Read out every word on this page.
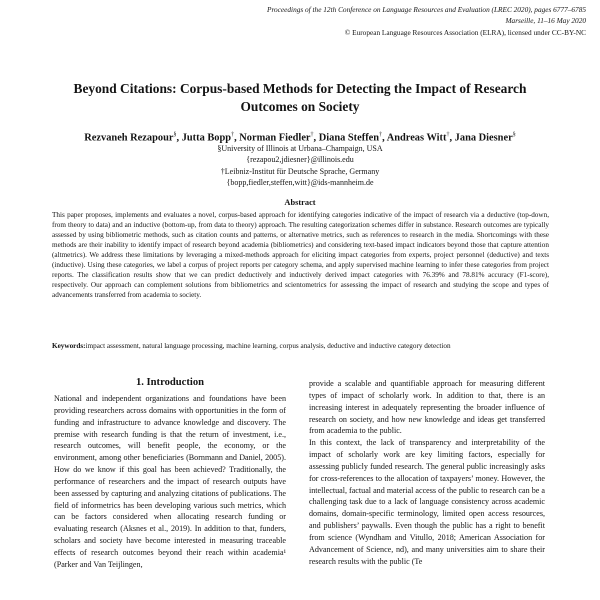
Proceedings of the 12th Conference on Language Resources and Evaluation (LREC 2020), pages 6777–6785
Marseille, 11–16 May 2020
© European Language Resources Association (ELRA), licensed under CC-BY-NC
Beyond Citations: Corpus-based Methods for Detecting the Impact of Research
Outcomes on Society
Rezvaneh Rezapour§, Jutta Bopp†, Norman Fiedler†, Diana Steffen†, Andreas Witt†, Jana Diesner§
§University of Illinois at Urbana–Champaign, USA
{rezapou2,jdiesner}@illinois.edu
†Leibniz-Institut für Deutsche Sprache, Germany
{bopp,fiedler,steffen,witt}@ids-mannheim.de
Abstract
This paper proposes, implements and evaluates a novel, corpus-based approach for identifying categories indicative of the impact of research via a deductive (top-down, from theory to data) and an inductive (bottom-up, from data to theory) approach. The resulting categorization schemes differ in substance. Research outcomes are typically assessed by using bibliometric methods, such as citation counts and patterns, or alternative metrics, such as references to research in the media. Shortcomings with these methods are their inability to identify impact of research beyond academia (bibliometrics) and considering text-based impact indicators beyond those that capture attention (altmetrics). We address these limitations by leveraging a mixed-methods approach for eliciting impact categories from experts, project personnel (deductive) and texts (inductive). Using these categories, we label a corpus of project reports per category schema, and apply supervised machine learning to infer these categories from project reports. The classification results show that we can predict deductively and inductively derived impact categories with 76.39% and 78.81% accuracy (F1-score), respectively. Our approach can complement solutions from bibliometrics and scientometrics for assessing the impact of research and studying the scope and types of advancements transferred from academia to society.
Keywords:impact assessment, natural language processing, machine learning, corpus analysis, deductive and inductive category detection
1. Introduction

National and independent organizations and foundations have been providing researchers across domains with opportunities in the form of funding and infrastructure to advance knowledge and discovery. The premise with research funding is that the return of investment, i.e., research outcomes, will benefit people, the economy, or the environment, among other beneficiaries (Bornmann and Daniel, 2005). How do we know if this goal has been achieved? Traditionally, the performance of researchers and the impact of research outputs have been assessed by capturing and analyzing citations of publications. The field of informetrics has been developing various such metrics, which can be factors considered when allocating research funding or evaluating research (Aksnes et al., 2019). In addition to that, funders, scholars and society have become interested in measuring traceable effects of research outcomes beyond their reach within academia¹ (Parker and Van Teijlingen,

provide a scalable and quantifiable approach for measuring different types of impact of scholarly work. In addition to that, there is an increasing interest in adequately representing the broader influence of research on society, and how new knowledge and ideas get transferred from academia to the public.

In this context, the lack of transparency and interpretability of the impact of scholarly work are key limiting factors, especially for assessing publicly funded research. The general public increasingly asks for cross-references to the allocation of taxpayers’ money. However, the intellectual, factual and material access of the public to research can be a challenging task due to a lack of language consistency across academic domains, domain-specific terminology, limited open access resources, and publishers’ paywalls. Even though the public has a right to benefit from science (Wyndham and Vitullo, 2018; American Association for Advancement of Science, nd), and many universities aim to share their research results with the public (Te
